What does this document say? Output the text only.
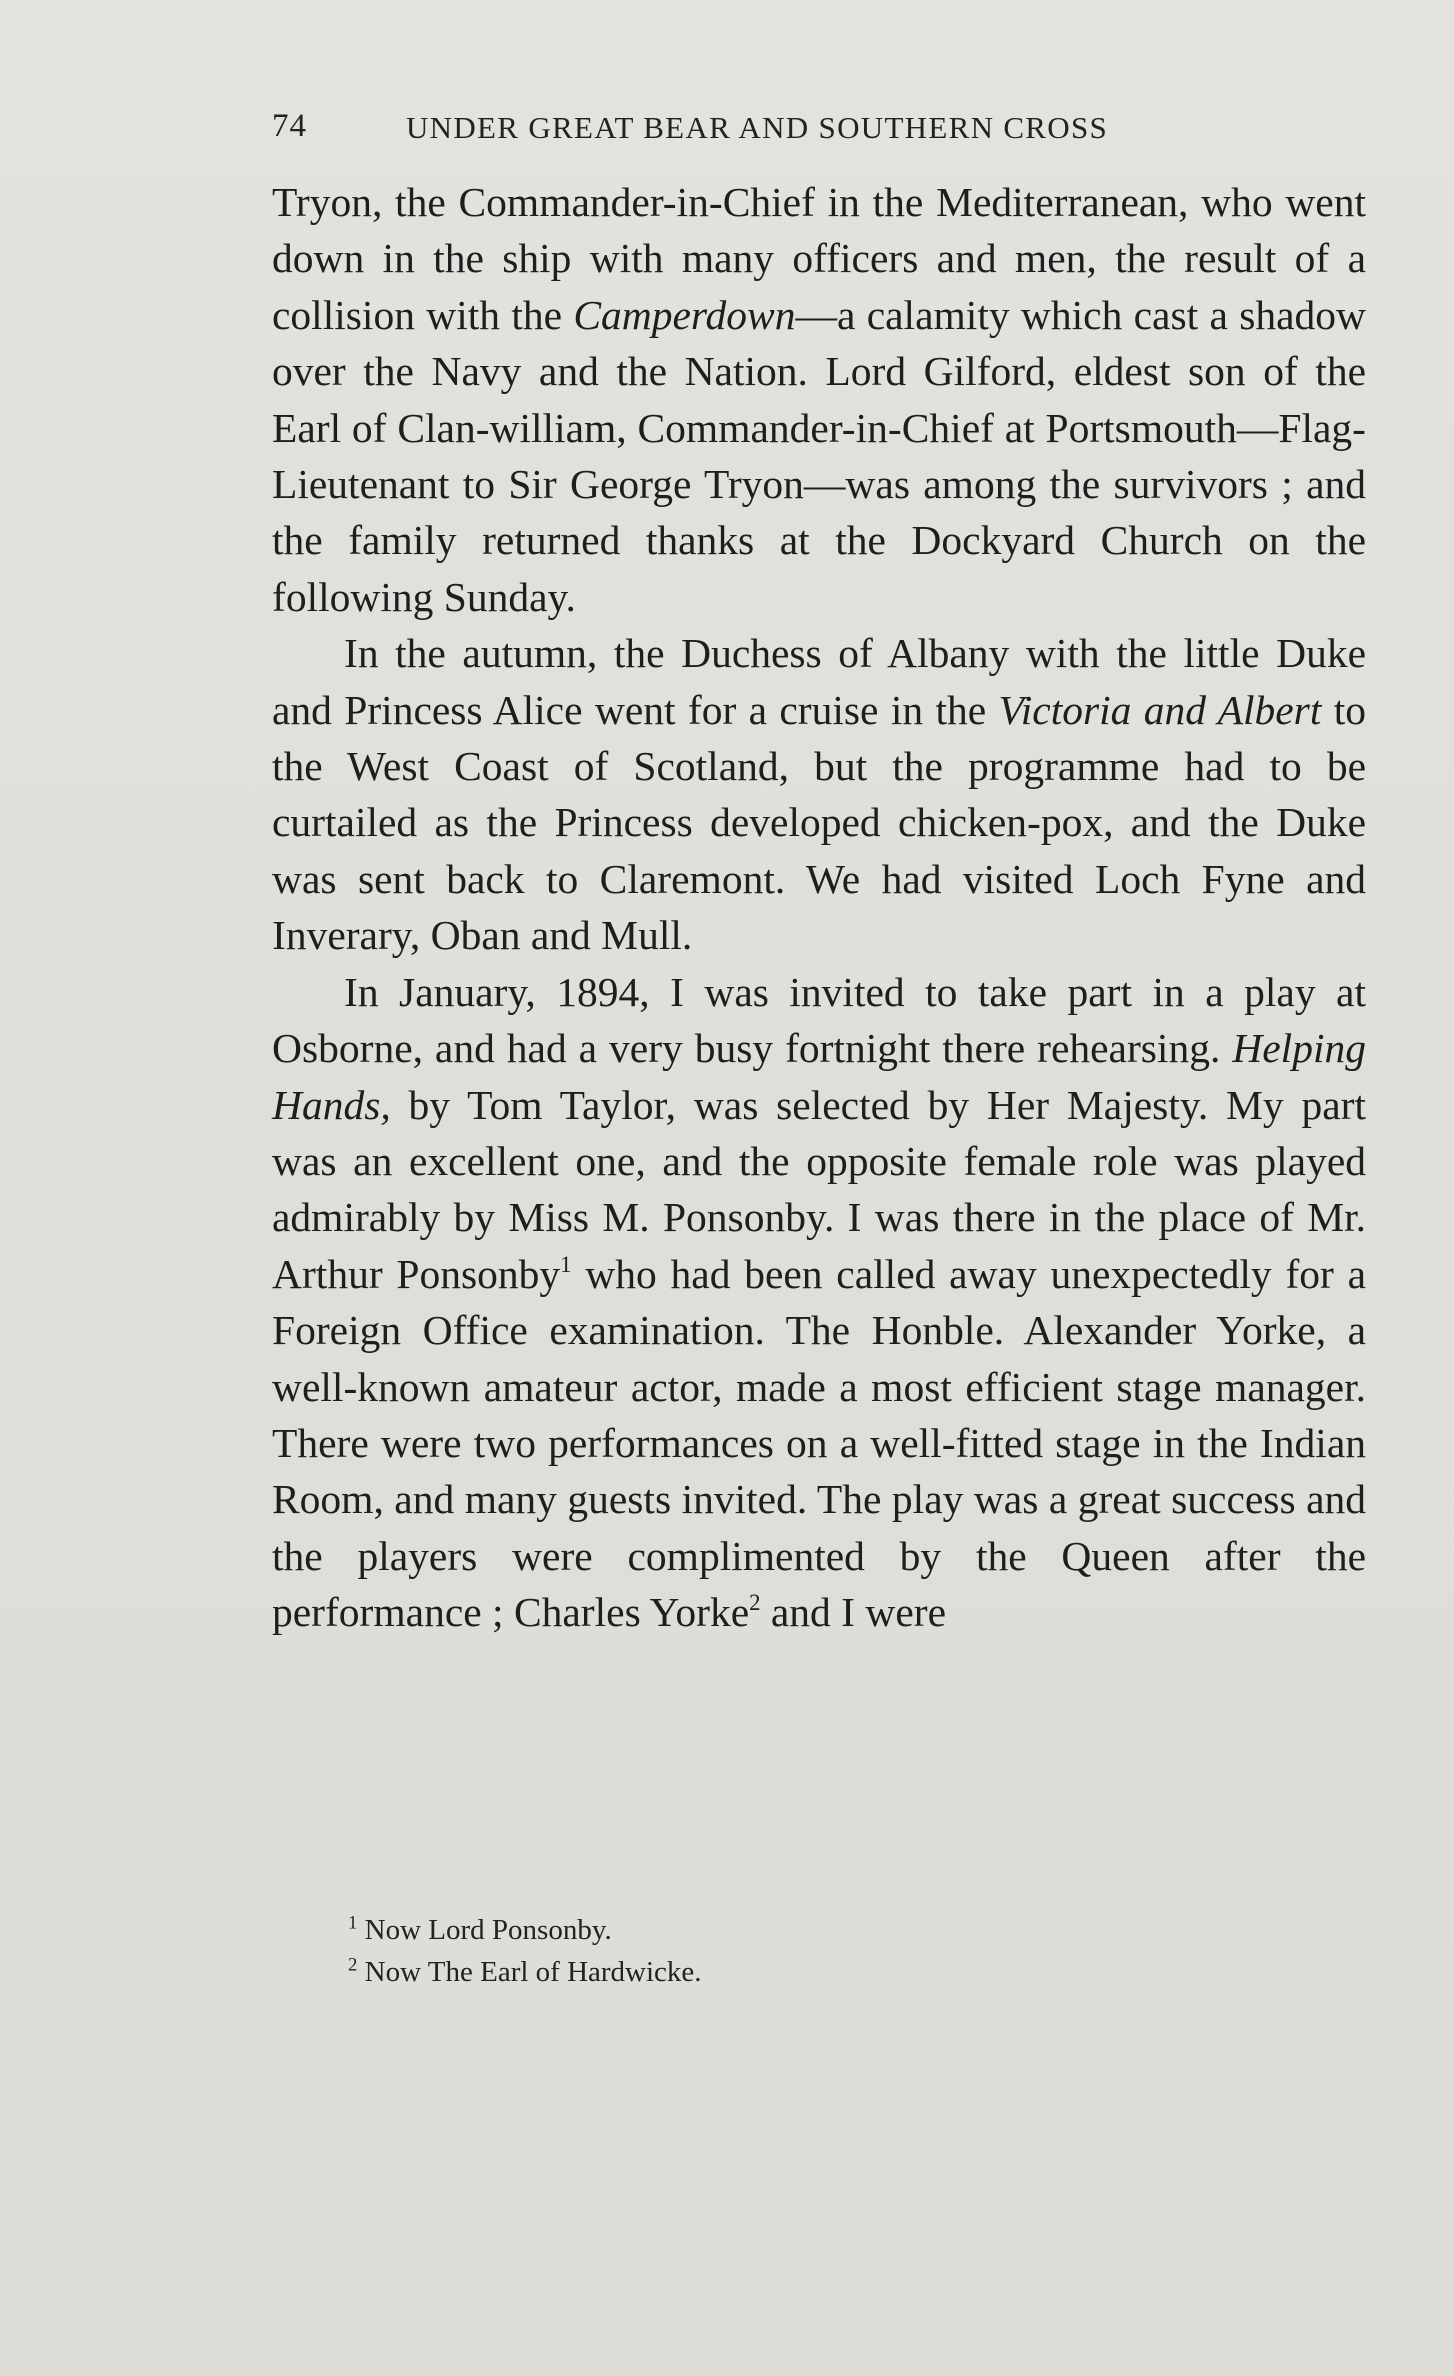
74	UNDER GREAT BEAR AND SOUTHERN CROSS

Tryon, the Commander-in-Chief in the Mediterranean, who went down in the ship with many officers and men, the result of a collision with the Camperdown—a calamity which cast a shadow over the Navy and the Nation. Lord Gilford, eldest son of the Earl of Clan-william, Commander-in-Chief at Portsmouth—Flag-Lieutenant to Sir George Tryon—was among the survivors ; and the family returned thanks at the Dockyard Church on the following Sunday.

In the autumn, the Duchess of Albany with the little Duke and Princess Alice went for a cruise in the Victoria and Albert to the West Coast of Scotland, but the programme had to be curtailed as the Princess developed chicken-pox, and the Duke was sent back to Claremont. We had visited Loch Fyne and Inverary, Oban and Mull.

In January, 1894, I was invited to take part in a play at Osborne, and had a very busy fortnight there rehearsing. Helping Hands, by Tom Taylor, was selected by Her Majesty. My part was an excellent one, and the opposite female role was played admirably by Miss M. Ponsonby. I was there in the place of Mr. Arthur Ponsonby$^1$ who had been called away unexpectedly for a Foreign Office examination. The Honble. Alexander Yorke, a well-known amateur actor, made a most efficient stage manager. There were two performances on a well-fitted stage in the Indian Room, and many guests invited. The play was a great success and the players were complimented by the Queen after the performance ; Charles Yorke$^2$ and I were

$^1$ Now Lord Ponsonby.
$^2$ Now The Earl of Hardwicke.
